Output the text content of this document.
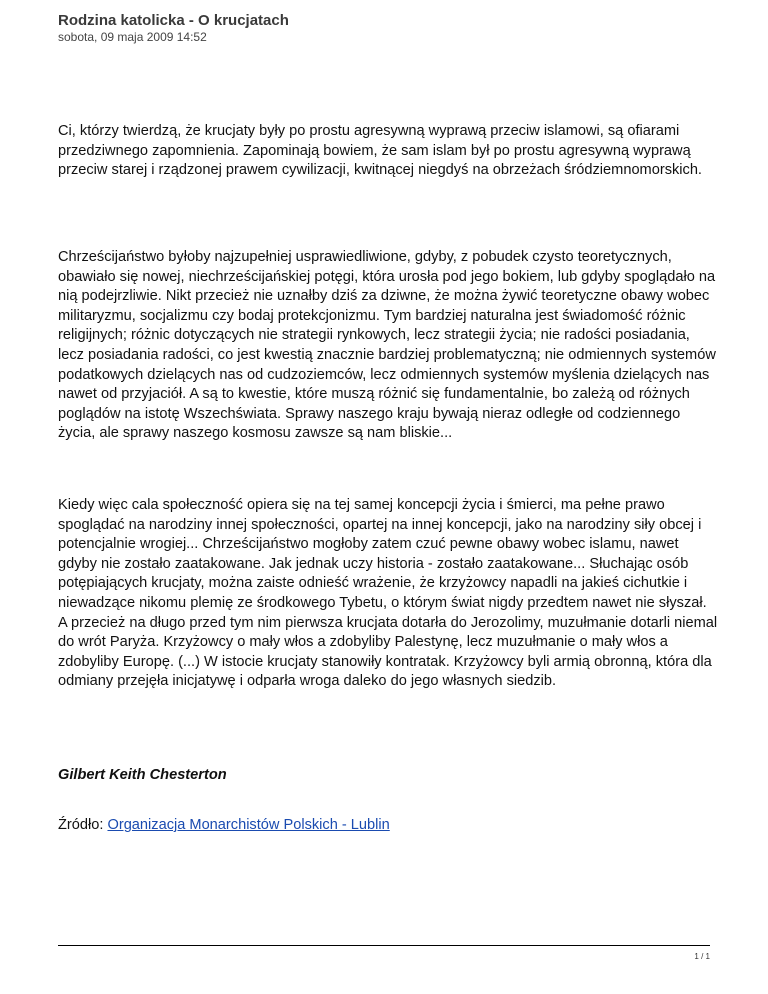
Rodzina katolicka - O krucjatach
sobota, 09 maja 2009 14:52
Ci, którzy twierdzą, że krucjaty były po prostu agresywną wyprawą przeciw islamowi, są ofiarami przedziwnego zapomnienia. Zapominają bowiem, że sam islam był po prostu agresywną wyprawą przeciw starej i rządzonej prawem cywilizacji, kwitnącej niegdyś na obrzeżach śródziemnomorskich.
Chrześcijaństwo byłoby najzupełniej usprawiedliwione, gdyby, z pobudek czysto teoretycznych, obawiało się nowej, niechrześcijańskiej potęgi, która urosła pod jego bokiem, lub gdyby spoglądało na nią podejrzliwie. Nikt przecież nie uznałby dziś za dziwne, że można żywić teoretyczne obawy wobec militaryzmu, socjalizmu czy bodaj protekcjonizmu. Tym bardziej naturalna jest świadomość różnic religijnych; różnic dotyczących nie strategii rynkowych, lecz strategii życia; nie radości posiadania, lecz posiadania radości, co jest kwestią znacznie bardziej problematyczną; nie odmiennych systemów podatkowych dzielących nas od cudzoziemców, lecz odmiennych systemów myślenia dzielących nas nawet od przyjaciół. A są to kwestie, które muszą różnić się fundamentalnie, bo zależą od różnych poglądów na istotę Wszechświata. Sprawy naszego kraju bywają nieraz odległe od codziennego życia, ale sprawy naszego kosmosu zawsze są nam bliskie...
Kiedy więc cala społeczność opiera się na tej samej koncepcji życia i śmierci, ma pełne prawo spoglądać na narodziny innej społeczności, opartej na innej koncepcji, jako na narodziny siły obcej i potencjalnie wrogiej... Chrześcijaństwo mogłoby zatem czuć pewne obawy wobec islamu, nawet gdyby nie zostało zaatakowane. Jak jednak uczy historia - zostało zaatakowane... Słuchając osób potępiających krucjaty, można zaiste odnieść wrażenie, że krzyżowcy napadli na jakieś cichutkie i niewadzące nikomu plemię ze środkowego Tybetu, o którym świat nigdy przedtem nawet nie słyszał. A przecież na długo przed tym nim pierwsza krucjata dotarła do Jerozolimy, muzułmanie dotarli niemal do wrót Paryża. Krzyżowcy o mały włos a zdobyliby Palestynę, lecz muzułmanie o mały włos a zdobyliby Europę. (...) W istocie krucjaty stanowiły kontratak. Krzyżowcy byli armią obronną, która dla odmiany przejęła inicjatywę i odparła wroga daleko do jego własnych siedzib.
Gilbert Keith Chesterton
Źródło: Organizacja Monarchistów Polskich - Lublin
1 / 1
